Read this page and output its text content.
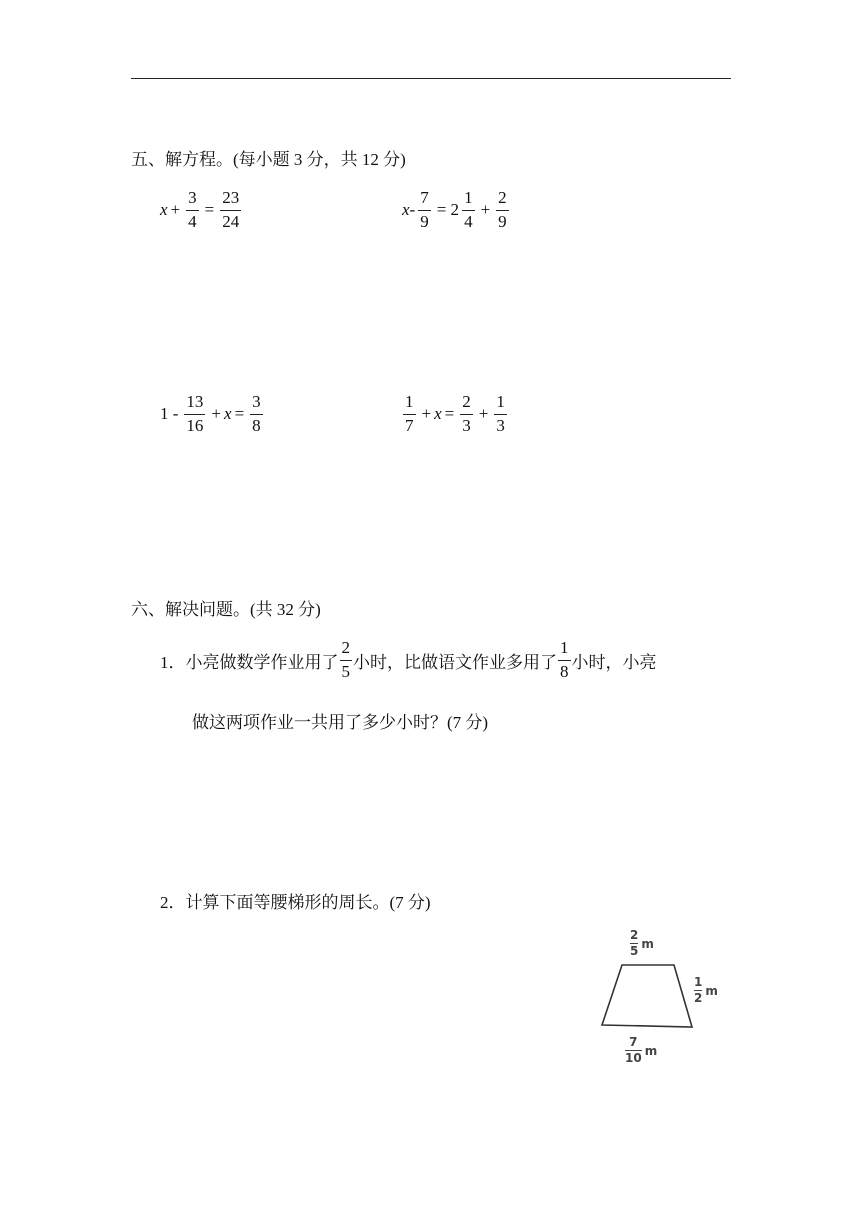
五、解方程。(每小题 3 分，共 12 分)
$x + \frac{3}{4} = \frac{23}{24}$	$x - \frac{7}{9} = 2 \frac{1}{4} + \frac{2}{9}$
$1 - \frac{13}{16} + x = \frac{3}{8}$	$\frac{1}{7} + x = \frac{2}{3} + \frac{1}{3}$
六、解决问题。(共 32 分)
1． 小亮做数学作业用了 $\frac{2}{5}$ 小时，比做语文作业多用了 $\frac{1}{8}$ 小时，小亮
做这两项作业一共用了多少小时？(7 分)
2．计算下面等腰梯形的周长。(7 分)
$\frac{2}{5}$ m
$\frac{1}{2}$ m
$\frac{7}{10}$ m
